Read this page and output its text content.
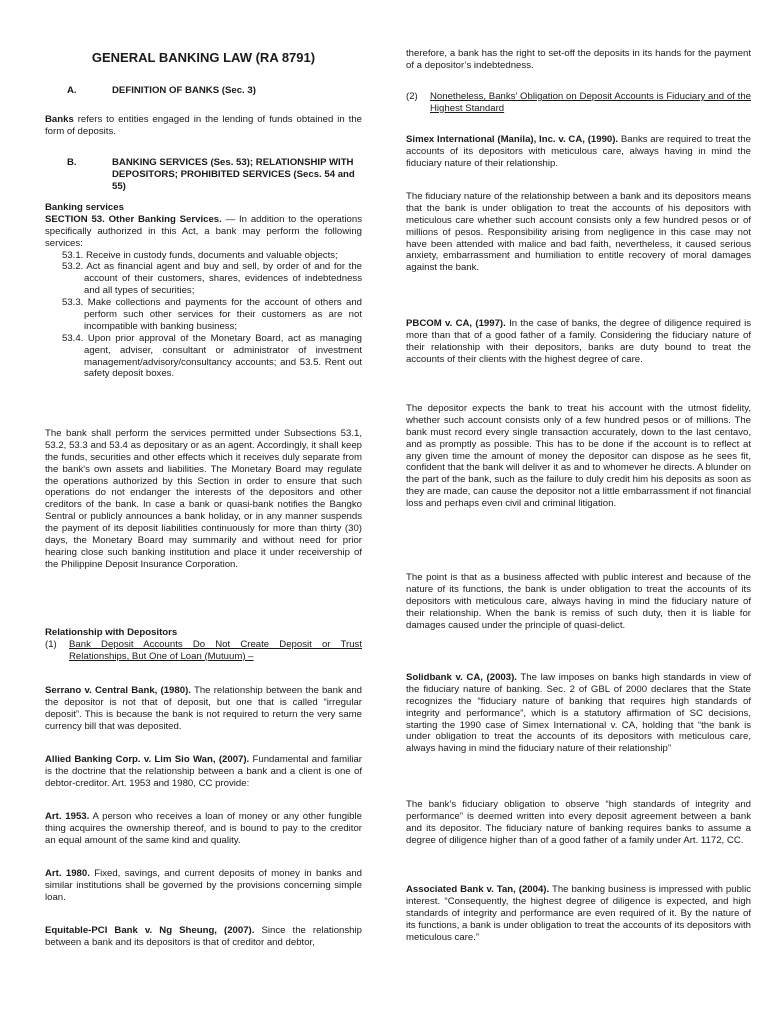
GENERAL BANKING LAW (RA 8791)
A.	DEFINITION OF BANKS (Sec. 3)

Banks refers to entities engaged in the lending of funds obtained in the form of deposits.

B.	BANKING SERVICES (Ses. 53); RELATIONSHIP WITH DEPOSITORS; PROHIBITED SERVICES (Secs. 54 and 55)

Banking services

SECTION 53. Other Banking Services. — In addition to the operations specifically authorized in this Act, a bank may perform the following services:

53.1. Receive in custody funds, documents and valuable objects;

53.2. Act as financial agent and buy and sell, by order of and for the account of their customers, shares, evidences of indebtedness and all types of securities;

53.3. Make collections and payments for the account of others and perform such other services for their customers as are not incompatible with banking business;

53.4. Upon prior approval of the Monetary Board, act as managing agent, adviser, consultant or administrator of investment management/advisory/consultancy accounts; and 53.5. Rent out safety deposit boxes.

The bank shall perform the services permitted under Subsections 53.1, 53.2, 53.3 and 53.4 as depositary or as an agent. Accordingly, it shall keep the funds, securities and other effects which it receives duly separate from the bank's own assets and liabilities. The Monetary Board may regulate the operations authorized by this Section in order to ensure that such operations do not endanger the interests of the depositors and other creditors of the bank. In case a bank or quasi-bank notifies the Bangko Sentral or publicly announces a bank holiday, or in any manner suspends the payment of its deposit liabilities continuously for more than thirty (30) days, the Monetary Board may summarily and without need for prior hearing close such banking institution and place it under receivership of the Philippine Deposit Insurance Corporation.

Relationship with Depositors

(1)	Bank Deposit Accounts Do Not Create Deposit or Trust Relationships, But One of Loan (Mutuum) –

Serrano v. Central Bank, (1980). The relationship between the bank and the depositor is not that of deposit, but one that is called “irregular deposit”. This is because the bank is not required to return the very same currency bill that was deposited.

Allied Banking Corp. v. Lim Sio Wan, (2007). Fundamental and familiar is the doctrine that the relationship between a bank and a client is one of debtor-creditor. Art. 1953 and 1980, CC provide:

Art. 1953. A person who receives a loan of money or any other fungible thing acquires the ownership thereof, and is bound to pay to the creditor an equal amount of the same kind and quality.

Art. 1980. Fixed, savings, and current deposits of money in banks and similar institutions shall be governed by the provisions concerning simple loan.

Equitable-PCI Bank v. Ng Sheung, (2007). Since the relationship between a bank and its depositors is that of creditor and debtor,

therefore, a bank has the right to set-off the deposits in its hands for the payment of a depositor’s indebtedness.

(2)	Nonetheless, Banks’ Obligation on Deposit Accounts is Fiduciary and of the Highest Standard

Simex International (Manila), Inc. v. CA, (1990). Banks are required to treat the accounts of its depositors with meticulous care, always having in mind the fiduciary nature of their relationship.

The fiduciary nature of the relationship between a bank and its depositors means that the bank is under obligation to treat the accounts of his depositors with meticulous care whether such account consists only a few hundred pesos or of millions of pesos. Responsibility arising from negligence in this case may not have been attended with malice and bad faith, nevertheless, it caused serious anxiety, embarrassment and humiliation to entitle recovery of moral damages against the bank.

PBCOM v. CA, (1997). In the case of banks, the degree of diligence required is more than that of a good father of a family. Considering the fiduciary nature of their relationship with their depositors, banks are duty bound to treat the accounts of their clients with the highest degree of care.

The depositor expects the bank to treat his account with the utmost fidelity, whether such account consists only of a few hundred pesos or of millions. The bank must record every single transaction accurately, down to the last centavo, and as promptly as possible. This has to be done if the account is to reflect at any given time the amount of money the depositor can dispose as he sees fit, confident that the bank will deliver it as and to whomever he directs. A blunder on the part of the bank, such as the failure to duly credit him his deposits as soon as they are made, can cause the depositor not a little embarrassment if not financial loss and perhaps even civil and criminal litigation.

The point is that as a business affected with public interest and because of the nature of its functions, the bank is under obligation to treat the accounts of its depositors with meticulous care, always having in mind the fiduciary nature of their relationship. When the bank is remiss of such duty, then it is liable for damages caused under the principle of quasi-delict.

Solidbank v. CA, (2003). The law imposes on banks high standards in view of the fiduciary nature of banking. Sec. 2 of GBL of 2000 declares that the State recognizes the “fiduciary nature of banking that requires high standards of integrity and performance”, which is a statutory affirmation of SC decisions, starting the 1990 case of Simex International v. CA, holding that “the bank is under obligation to treat the accounts of its depositors with meticulous care, always having in mind the fiduciary nature of their relationship”

The bank’s fiduciary obligation to observe “high standards of integrity and performance” is deemed written into every deposit agreement between a bank and its depositor. The fiduciary nature of banking requires banks to assume a degree of diligence higher than of a good father of a family under Art. 1172, CC.

Associated Bank v. Tan, (2004). The banking business is impressed with public interest. “Consequently, the highest degree of diligence is expected, and high standards of integrity and performance are even required of it. By the nature of its functions, a bank is under obligation to treat the accounts of its depositors with meticulous care.”
